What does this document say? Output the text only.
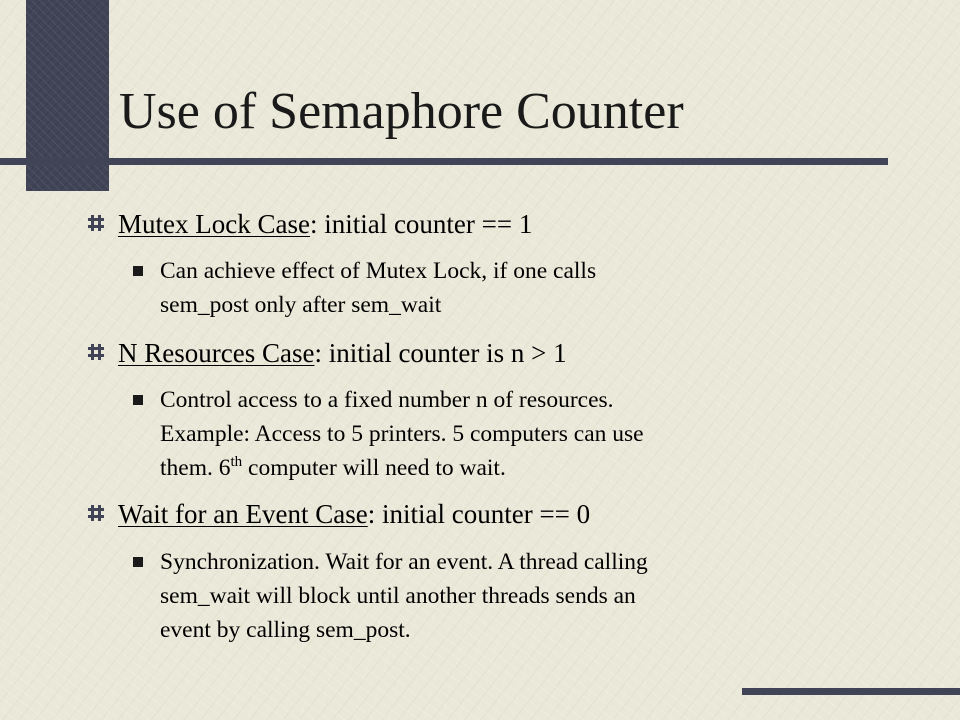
Use of Semaphore Counter
Mutex Lock Case: initial counter == 1
Can achieve effect of Mutex Lock, if one calls
sem_post only after sem_wait
N Resources Case: initial counter is n > 1
Control access to a fixed number n of resources.
Example: Access to 5 printers. 5 computers can use
them. 6th computer will need to wait.
Wait for an Event Case: initial counter == 0
Synchronization. Wait for an event. A thread calling
sem_wait will block until another threads sends an
event by calling sem_post.
